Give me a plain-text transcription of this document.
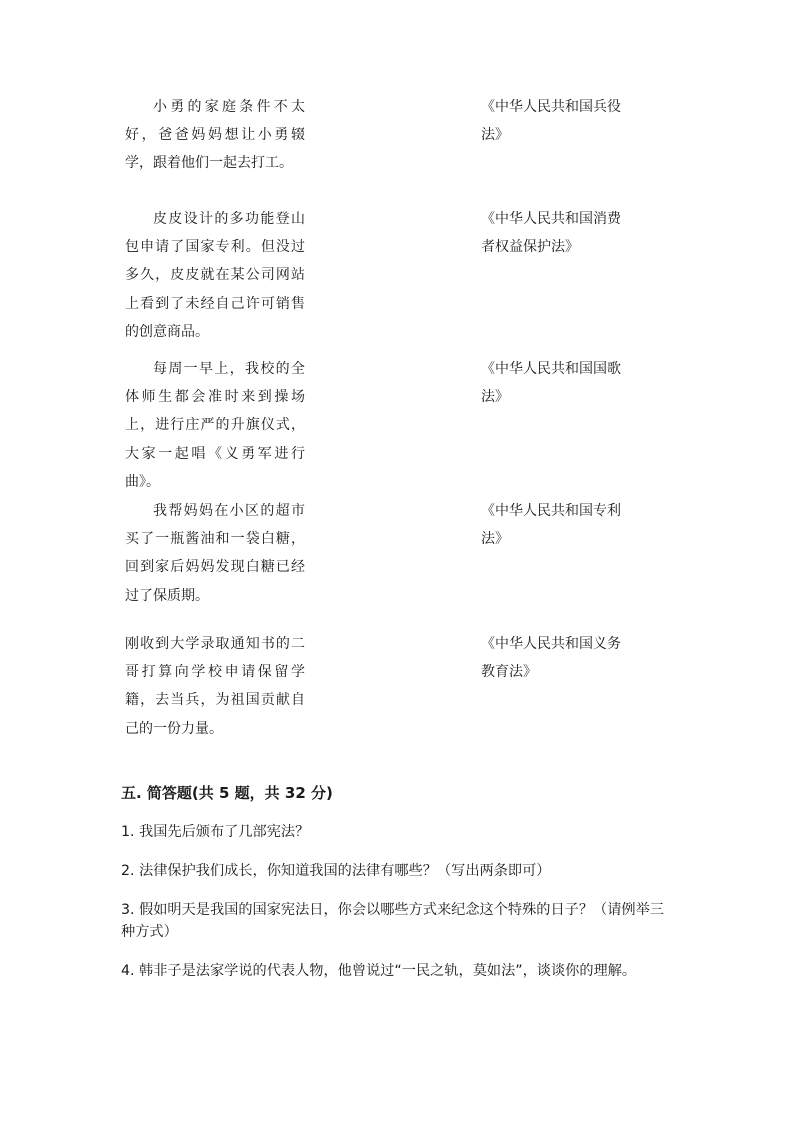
小勇的家庭条件不太好，爸爸妈妈想让小勇辍学，跟着他们一起去打工。
《中华人民共和国兵役法》
皮皮设计的多功能登山包申请了国家专利。但没过多久，皮皮就在某公司网站上看到了未经自己许可销售的创意商品。
《中华人民共和国消费者权益保护法》
每周一早上，我校的全体师生都会准时来到操场上，进行庄严的升旗仪式，大家一起唱《义勇军进行曲》。
《中华人民共和国国歌法》
我帮妈妈在小区的超市买了一瓶酱油和一袋白糖，回到家后妈妈发现白糖已经过了保质期。
《中华人民共和国专利法》
刚收到大学录取通知书的二哥打算向学校申请保留学籍，去当兵，为祖国贡献自己的一份力量。
《中华人民共和国义务教育法》
五. 简答题(共 5 题，共 32 分)

1. 我国先后颁布了几部宪法？

2. 法律保护我们成长，你知道我国的法律有哪些？（写出两条即可）

3. 假如明天是我国的国家宪法日，你会以哪些方式来纪念这个特殊的日子？（请例举三种方式）

4. 韩非子是法家学说的代表人物，他曾说过“一民之轨，莫如法”，谈谈你的理解。
